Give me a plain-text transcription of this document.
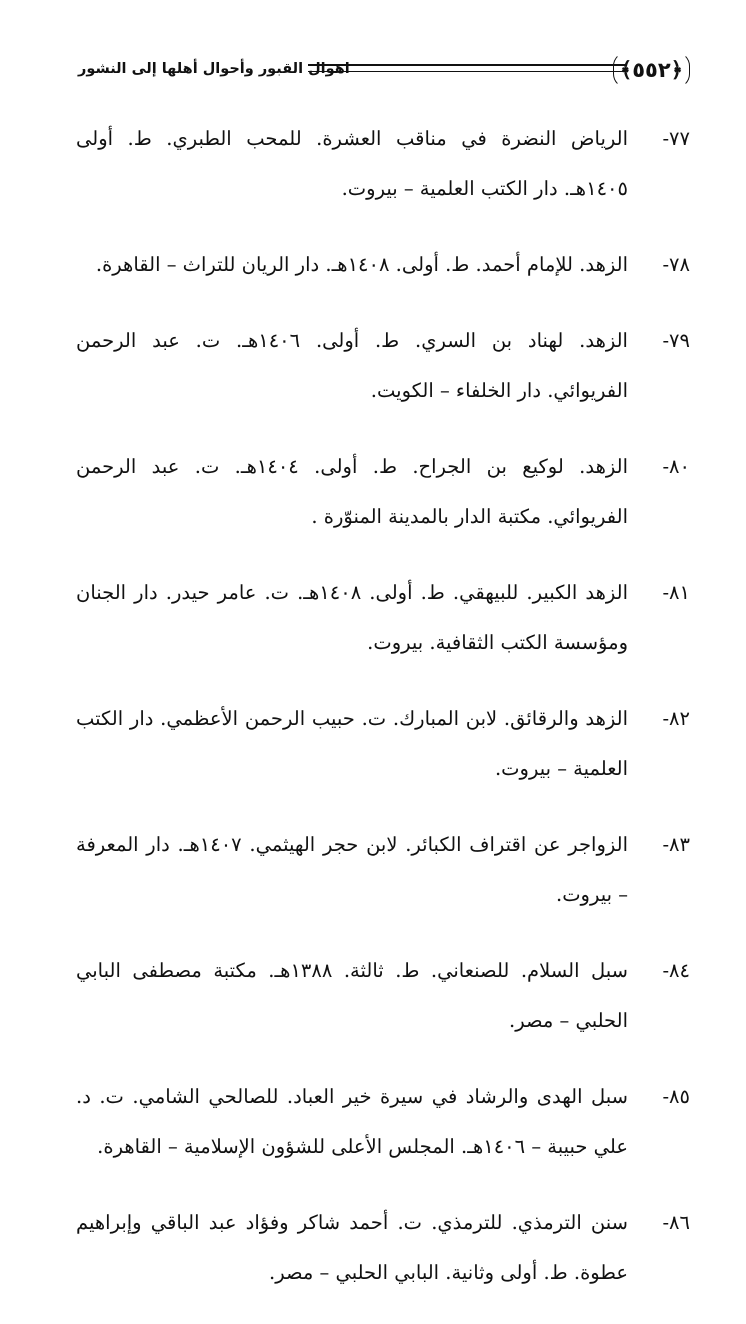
﴿٥٥٢﴾
اهوال القبور وأحوال أهلها إلى النشور
٧٧-
الرياض النضرة في مناقب العشرة. للمحب الطبري. ط. أولى ١٤٠٥هـ. دار الكتب العلمية – بيروت.
٧٨-
الزهد. للإمام أحمد. ط. أولى. ١٤٠٨هـ. دار الريان للتراث – القاهرة.
٧٩-
الزهد. لهناد بن السري. ط. أولى. ١٤٠٦هـ. ت. عبد الرحمن الفريوائي. دار الخلفاء – الكويت.
٨٠-
الزهد. لوكيع بن الجراح. ط. أولى. ١٤٠٤هـ. ت. عبد الرحمن الفريوائي. مكتبة الدار بالمدينة المنوّرة .
٨١-
الزهد الكبير. للبيهقي. ط. أولى. ١٤٠٨هـ. ت. عامر حيدر. دار الجنان ومؤسسة الكتب الثقافية. بيروت.
٨٢-
الزهد والرقائق. لابن المبارك. ت. حبيب الرحمن الأعظمي. دار الكتب العلمية – بيروت.
٨٣-
الزواجر عن اقتراف الكبائر. لابن حجر الهيثمي. ١٤٠٧هـ. دار المعرفة – بيروت.
٨٤-
سبل السلام. للصنعاني. ط. ثالثة. ١٣٨٨هـ. مكتبة مصطفى البابي الحلبي – مصر.
٨٥-
سبل الهدى والرشاد في سيرة خير العباد. للصالحي الشامي. ت. د. علي حبيبة – ١٤٠٦هـ. المجلس الأعلى للشؤون الإسلامية – القاهرة.
٨٦-
سنن الترمذي. للترمذي. ت. أحمد شاكر وفؤاد عبد الباقي وإبراهيم عطوة. ط. أولى وثانية. البابي الحلبي – مصر.
